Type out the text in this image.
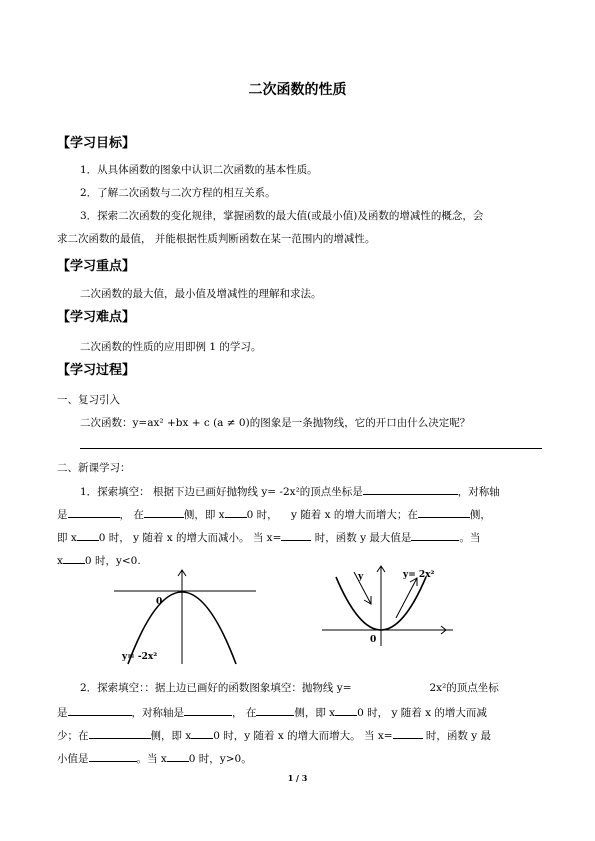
二次函数的性质
【学习目标】
1．从具体函数的图象中认识二次函数的基本性质。
2．了解二次函数与二次方程的相互关系。
3．探索二次函数的变化规律，掌握函数的最大值(或最小值)及函数的增减性的概念，会
求二次函数的最值， 并能根据性质判断函数在某一范围内的增减性。
【学习重点】
二次函数的最大值，最小值及增减性的理解和求法。
【学习难点】
二次函数的性质的应用即例 1 的学习。
【学习过程】
一、复习引入
二次函数：y=ax² +bx + c (a ≠ 0)的图象是一条抛物线，它的开口由什么决定呢？
二、新课学习：
1．探索填空： 根据下边已画好抛物线 y= -2x²的顶点坐标是	，对称轴
是	， 在	侧，即 x 0 时， y 随着 x 的增大而增大；在	侧，
即 x 0 时， y 随着 x 的增大而减小。 当 x=	时，函数 y 最大值是	。当
x 0 时，y<0.
0
y= -2x²
y	y= 2x²
0
2．探索填空：：据上边已画好的函数图象填空：抛物线 y=	2x²的顶点坐标
是	，对称轴是	， 在	侧，即 x 0 时， y 随着 x 的增大而减
少；在	侧，即 x 0 时，y 随着 x 的增大而增大。 当 x=	时，函数 y 最
小值是	。当 x 0 时，y>0。
1 / 3
